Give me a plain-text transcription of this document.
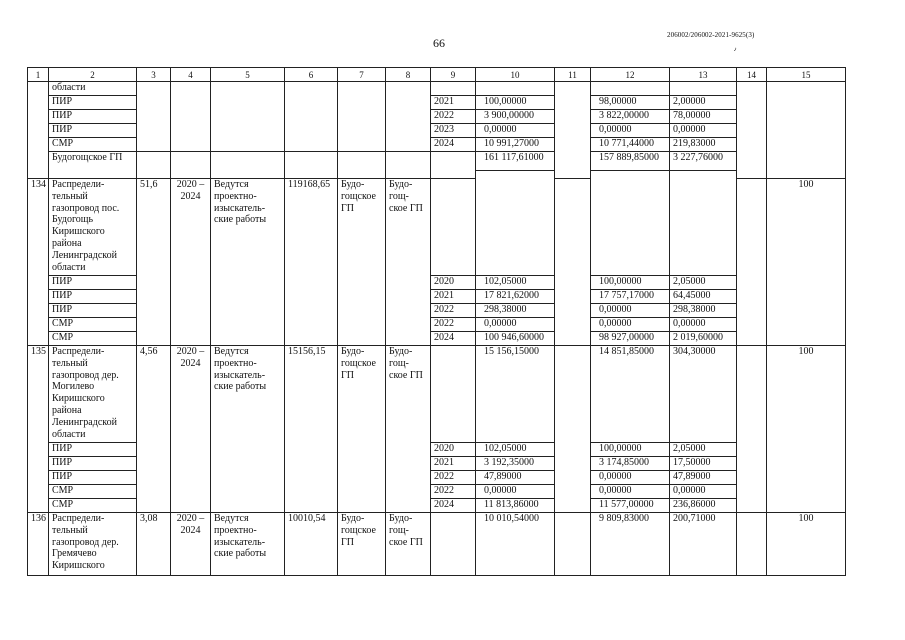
66
206002/206002-2021-9625(3)
٫
1	2	3	4	5	6	7	8	9	10	11	12	13	14	15
	области													
	ПИР							2021	100,00000		98,00000	2,00000		
	ПИР							2022	3 900,00000		3 822,00000	78,00000		
	ПИР							2023	0,00000		0,00000	0,00000		
	СМР							2024	10 991,27000		10 771,44000	219,83000		
	Будогощское ГП								161 117,61000		157 889,85000	3 227,76000		

134	Распредели-тельный газопровод пос. Будогощь Киришского района Ленинградской области	51,6	2020 – 2024	Ведутся проектно-изыскатель-ские работы	119168,65	Будо-гощское ГП	Будо-гощ-ское ГП							100
	ПИР							2020	102,05000		100,00000	2,05000		
	ПИР							2021	17 821,62000		17 757,17000	64,45000		
	ПИР							2022	298,38000		0,00000	298,38000		
	СМР							2022	0,00000		0,00000	0,00000		
	СМР							2024	100 946,60000		98 927,00000	2 019,60000		
135	Распредели-тельный газопровод дер. Могилево Киришского района Ленинградской области	4,56	2020 – 2024	Ведутся проектно-изыскатель-ские работы	15156,15	Будо-гощское ГП	Будо-гощ-ское ГП		15 156,15000		14 851,85000	304,30000		100
	ПИР							2020	102,05000		100,00000	2,05000		
	ПИР							2021	3 192,35000		3 174,85000	17,50000		
	ПИР							2022	47,89000		0,00000	47,89000		
	СМР							2022	0,00000		0,00000	0,00000		
	СМР							2024	11 813,86000		11 577,00000	236,86000		
136	Распредели-тельный газопровод дер. Гремячево Киришского	3,08	2020 – 2024	Ведутся проектно-изыскатель-ские работы	10010,54	Будо-гощское ГП	Будо-гощ-ское ГП		10 010,54000		9 809,83000	200,71000		100
